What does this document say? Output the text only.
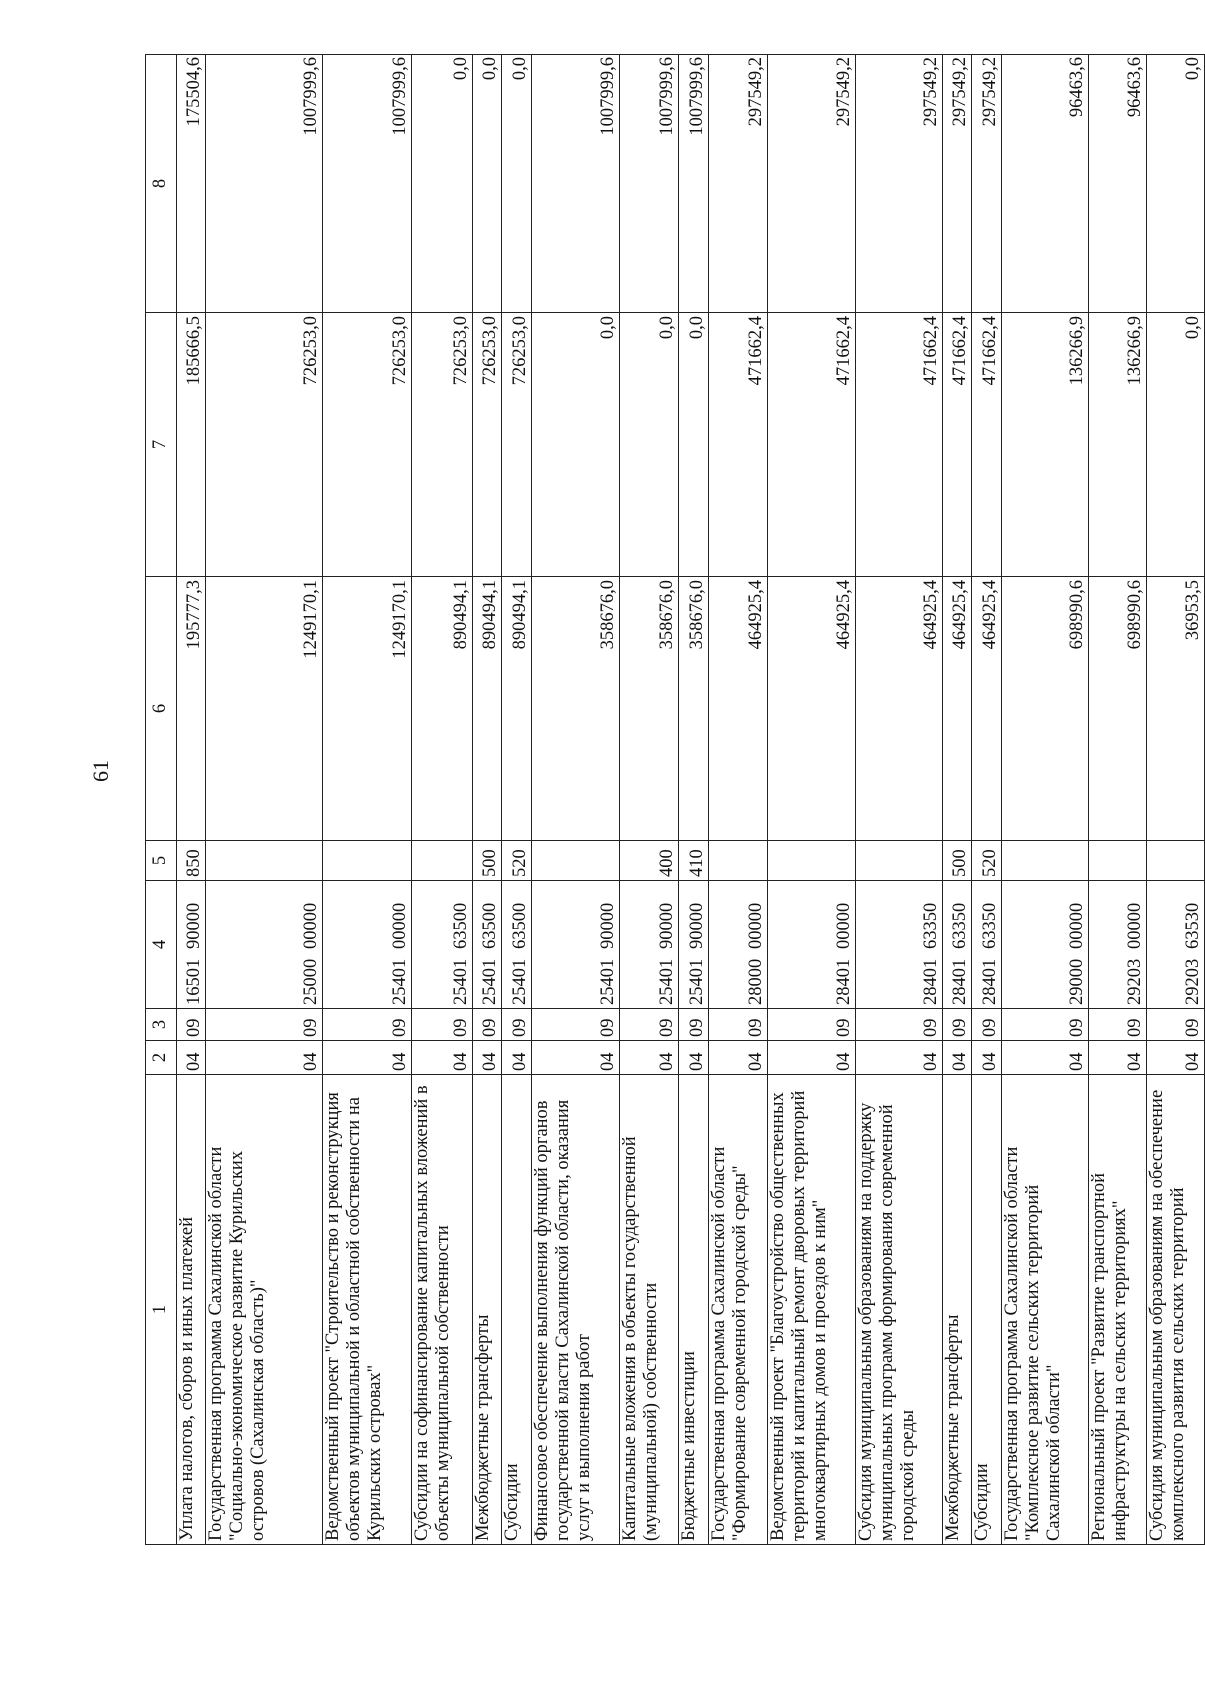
61
1	2	3	4	5	6	7	8
Уплата налогов, сборов и иных платежей	04	09	1650190000	850	195777,3	185666,5	175504,6
Государственная программа Сахалинской области "Социально-экономическое развитие Курильских островов (Сахалинская область)"	04	09	2500000000		1249170,1	726253,0	1007999,6
Ведомственный проект "Строительство и реконструкция объектов муниципальной и областной собственности на Курильских островах"	04	09	2540100000		1249170,1	726253,0	1007999,6
Субсидии на софинансирование капитальных вложений в объекты муниципальной собственности	04	09	2540163500		890494,1	726253,0	0,0
Межбюджетные трансферты	04	09	2540163500	500	890494,1	726253,0	0,0
Субсидии	04	09	2540163500	520	890494,1	726253,0	0,0
Финансовое обеспечение выполнения функций органов государственной власти Сахалинской области, оказания услуг и выполнения работ	04	09	2540190000		358676,0	0,0	1007999,6
Капитальные вложения в объекты государственной (муниципальной) собственности	04	09	2540190000	400	358676,0	0,0	1007999,6
Бюджетные инвестиции	04	09	2540190000	410	358676,0	0,0	1007999,6
Государственная программа Сахалинской области "Формирование современной городской среды"	04	09	2800000000		464925,4	471662,4	297549,2
Ведомственный проект "Благоустройство общественных территорий и капитальный ремонт дворовых территорий многоквартирных домов и проездов к ним"	04	09	2840100000		464925,4	471662,4	297549,2
Субсидия муниципальным образованиям на поддержку муниципальных программ формирования современной городской среды	04	09	2840163350		464925,4	471662,4	297549,2
Межбюджетные трансферты	04	09	2840163350	500	464925,4	471662,4	297549,2
Субсидии	04	09	2840163350	520	464925,4	471662,4	297549,2
Государственная программа Сахалинской области "Комплексное развитие сельских территорий Сахалинской области"	04	09	2900000000		698990,6	136266,9	96463,6
Региональный проект "Развитие транспортной инфраструктуры на сельских территориях"	04	09	2920300000		698990,6	136266,9	96463,6
Субсидия муниципальным образованиям на обеспечение комплексного развития сельских территорий	04	09	2920363530		36953,5	0,0	0,0
